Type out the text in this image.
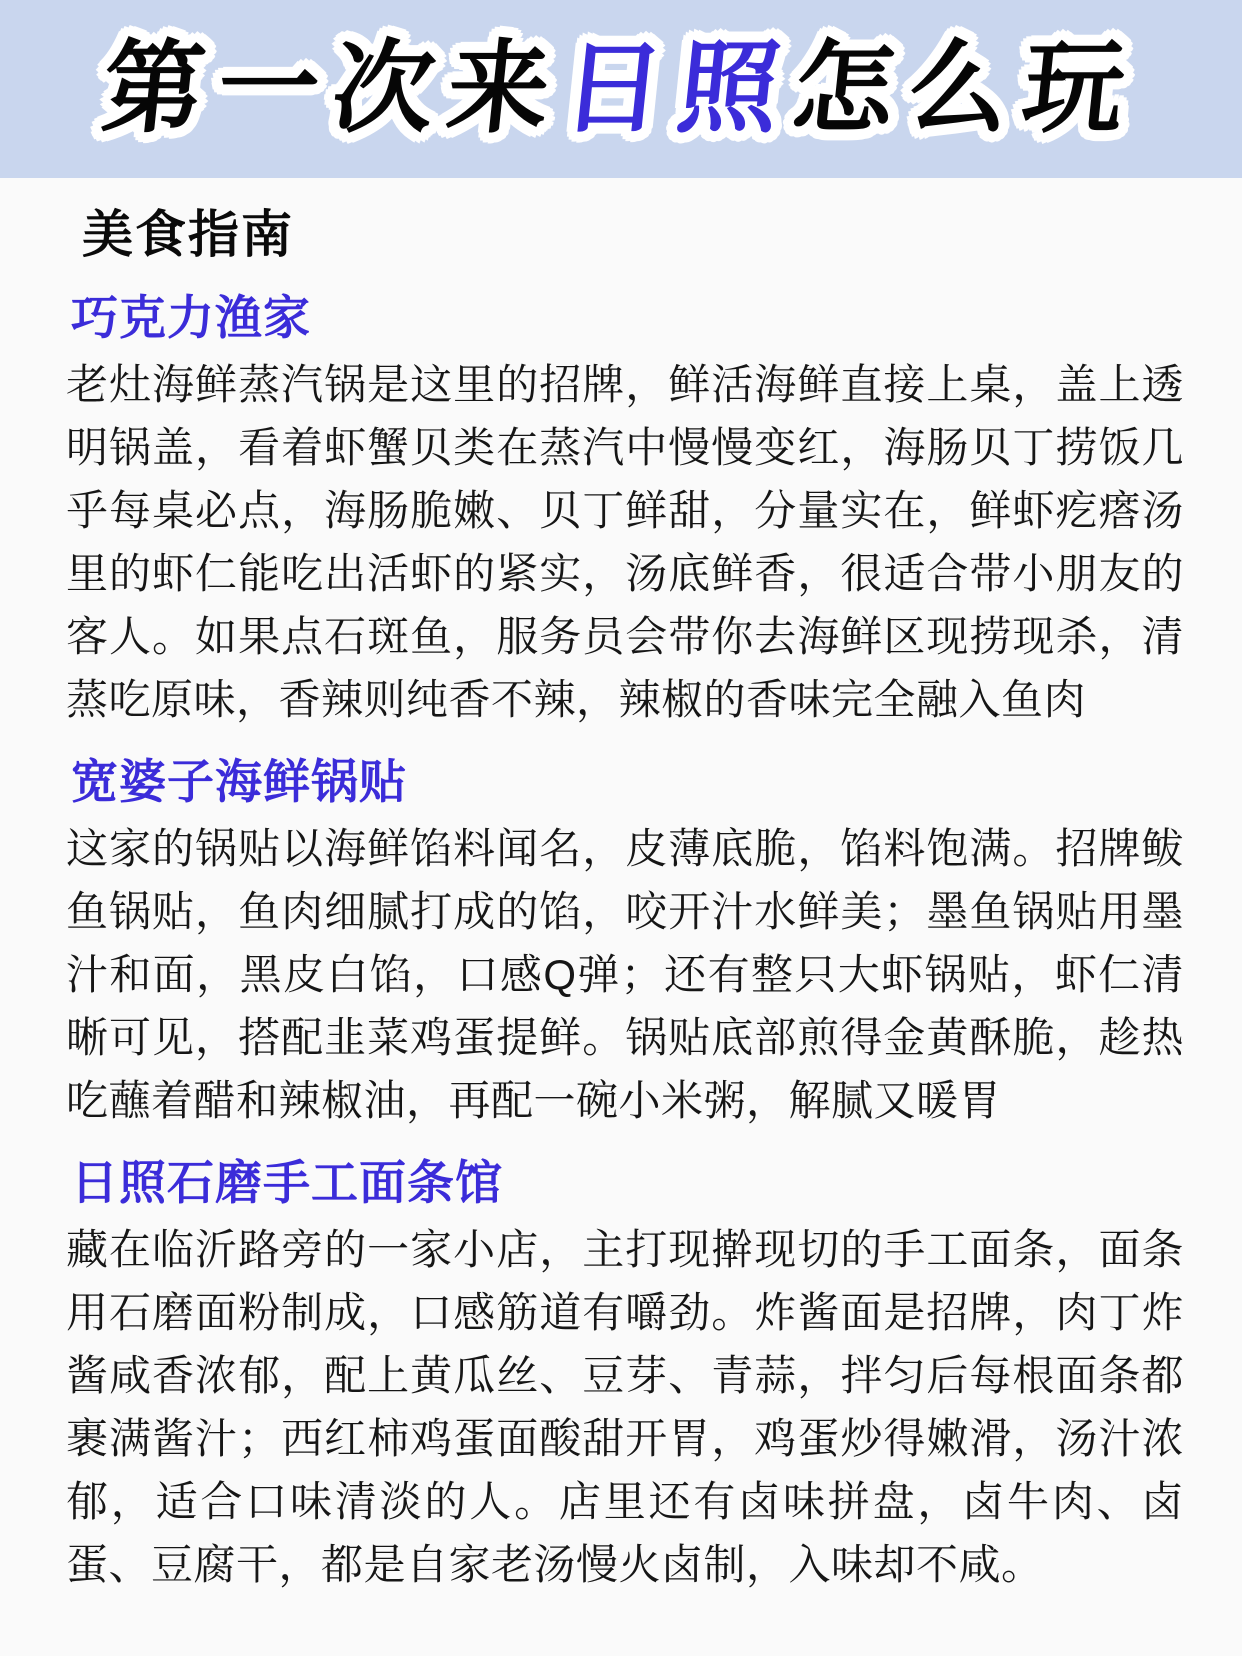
第一次来日照怎么玩
美食指南
巧克力渔家

老灶海鲜蒸汽锅是这里的招牌，鲜活海鲜直接上桌，盖上透明锅盖，看着虾蟹贝类在蒸汽中慢慢变红，海肠贝丁捞饭几乎每桌必点，海肠脆嫩、贝丁鲜甜，分量实在，鲜虾疙瘩汤里的虾仁能吃出活虾的紧实，汤底鲜香，很适合带小朋友的客人。如果点石斑鱼，服务员会带你去海鲜区现捞现杀，清蒸吃原味，香辣则纯香不辣，辣椒的香味完全融入鱼肉

宽婆子海鲜锅贴

这家的锅贴以海鲜馅料闻名，皮薄底脆，馅料饱满。招牌鲅鱼锅贴，鱼肉细腻打成的馅，咬开汁水鲜美；墨鱼锅贴用墨汁和面，黑皮白馅，口感Q弹；还有整只大虾锅贴，虾仁清晰可见，搭配韭菜鸡蛋提鲜。锅贴底部煎得金黄酥脆，趁热吃蘸着醋和辣椒油，再配一碗小米粥，解腻又暖胃

日照石磨手工面条馆

藏在临沂路旁的一家小店，主打现擀现切的手工面条，面条用石磨面粉制成，口感筋道有嚼劲。炸酱面是招牌，肉丁炸酱咸香浓郁，配上黄瓜丝、豆芽、青蒜，拌匀后每根面条都裹满酱汁；西红柿鸡蛋面酸甜开胃，鸡蛋炒得嫩滑，汤汁浓郁，适合口味清淡的人。店里还有卤味拼盘，卤牛肉、卤蛋、豆腐干，都是自家老汤慢火卤制，入味却不咸。
